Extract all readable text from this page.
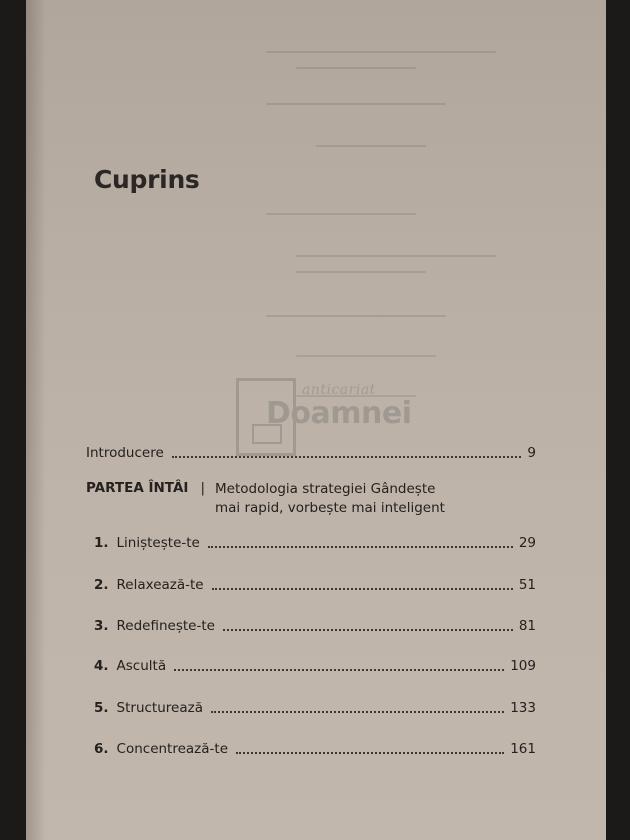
Cuprins
anticariat
Doamnei
Introducere	9
PARTEA ÎNTÂI | Metodologia strategiei Gândește mai rapid, vorbește mai inteligent
1. Liniștește-te	29
2. Relaxează-te	51
3. Redefinește-te	81
4. Ascultă	109
5. Structurează	133
6. Concentrează-te	161
